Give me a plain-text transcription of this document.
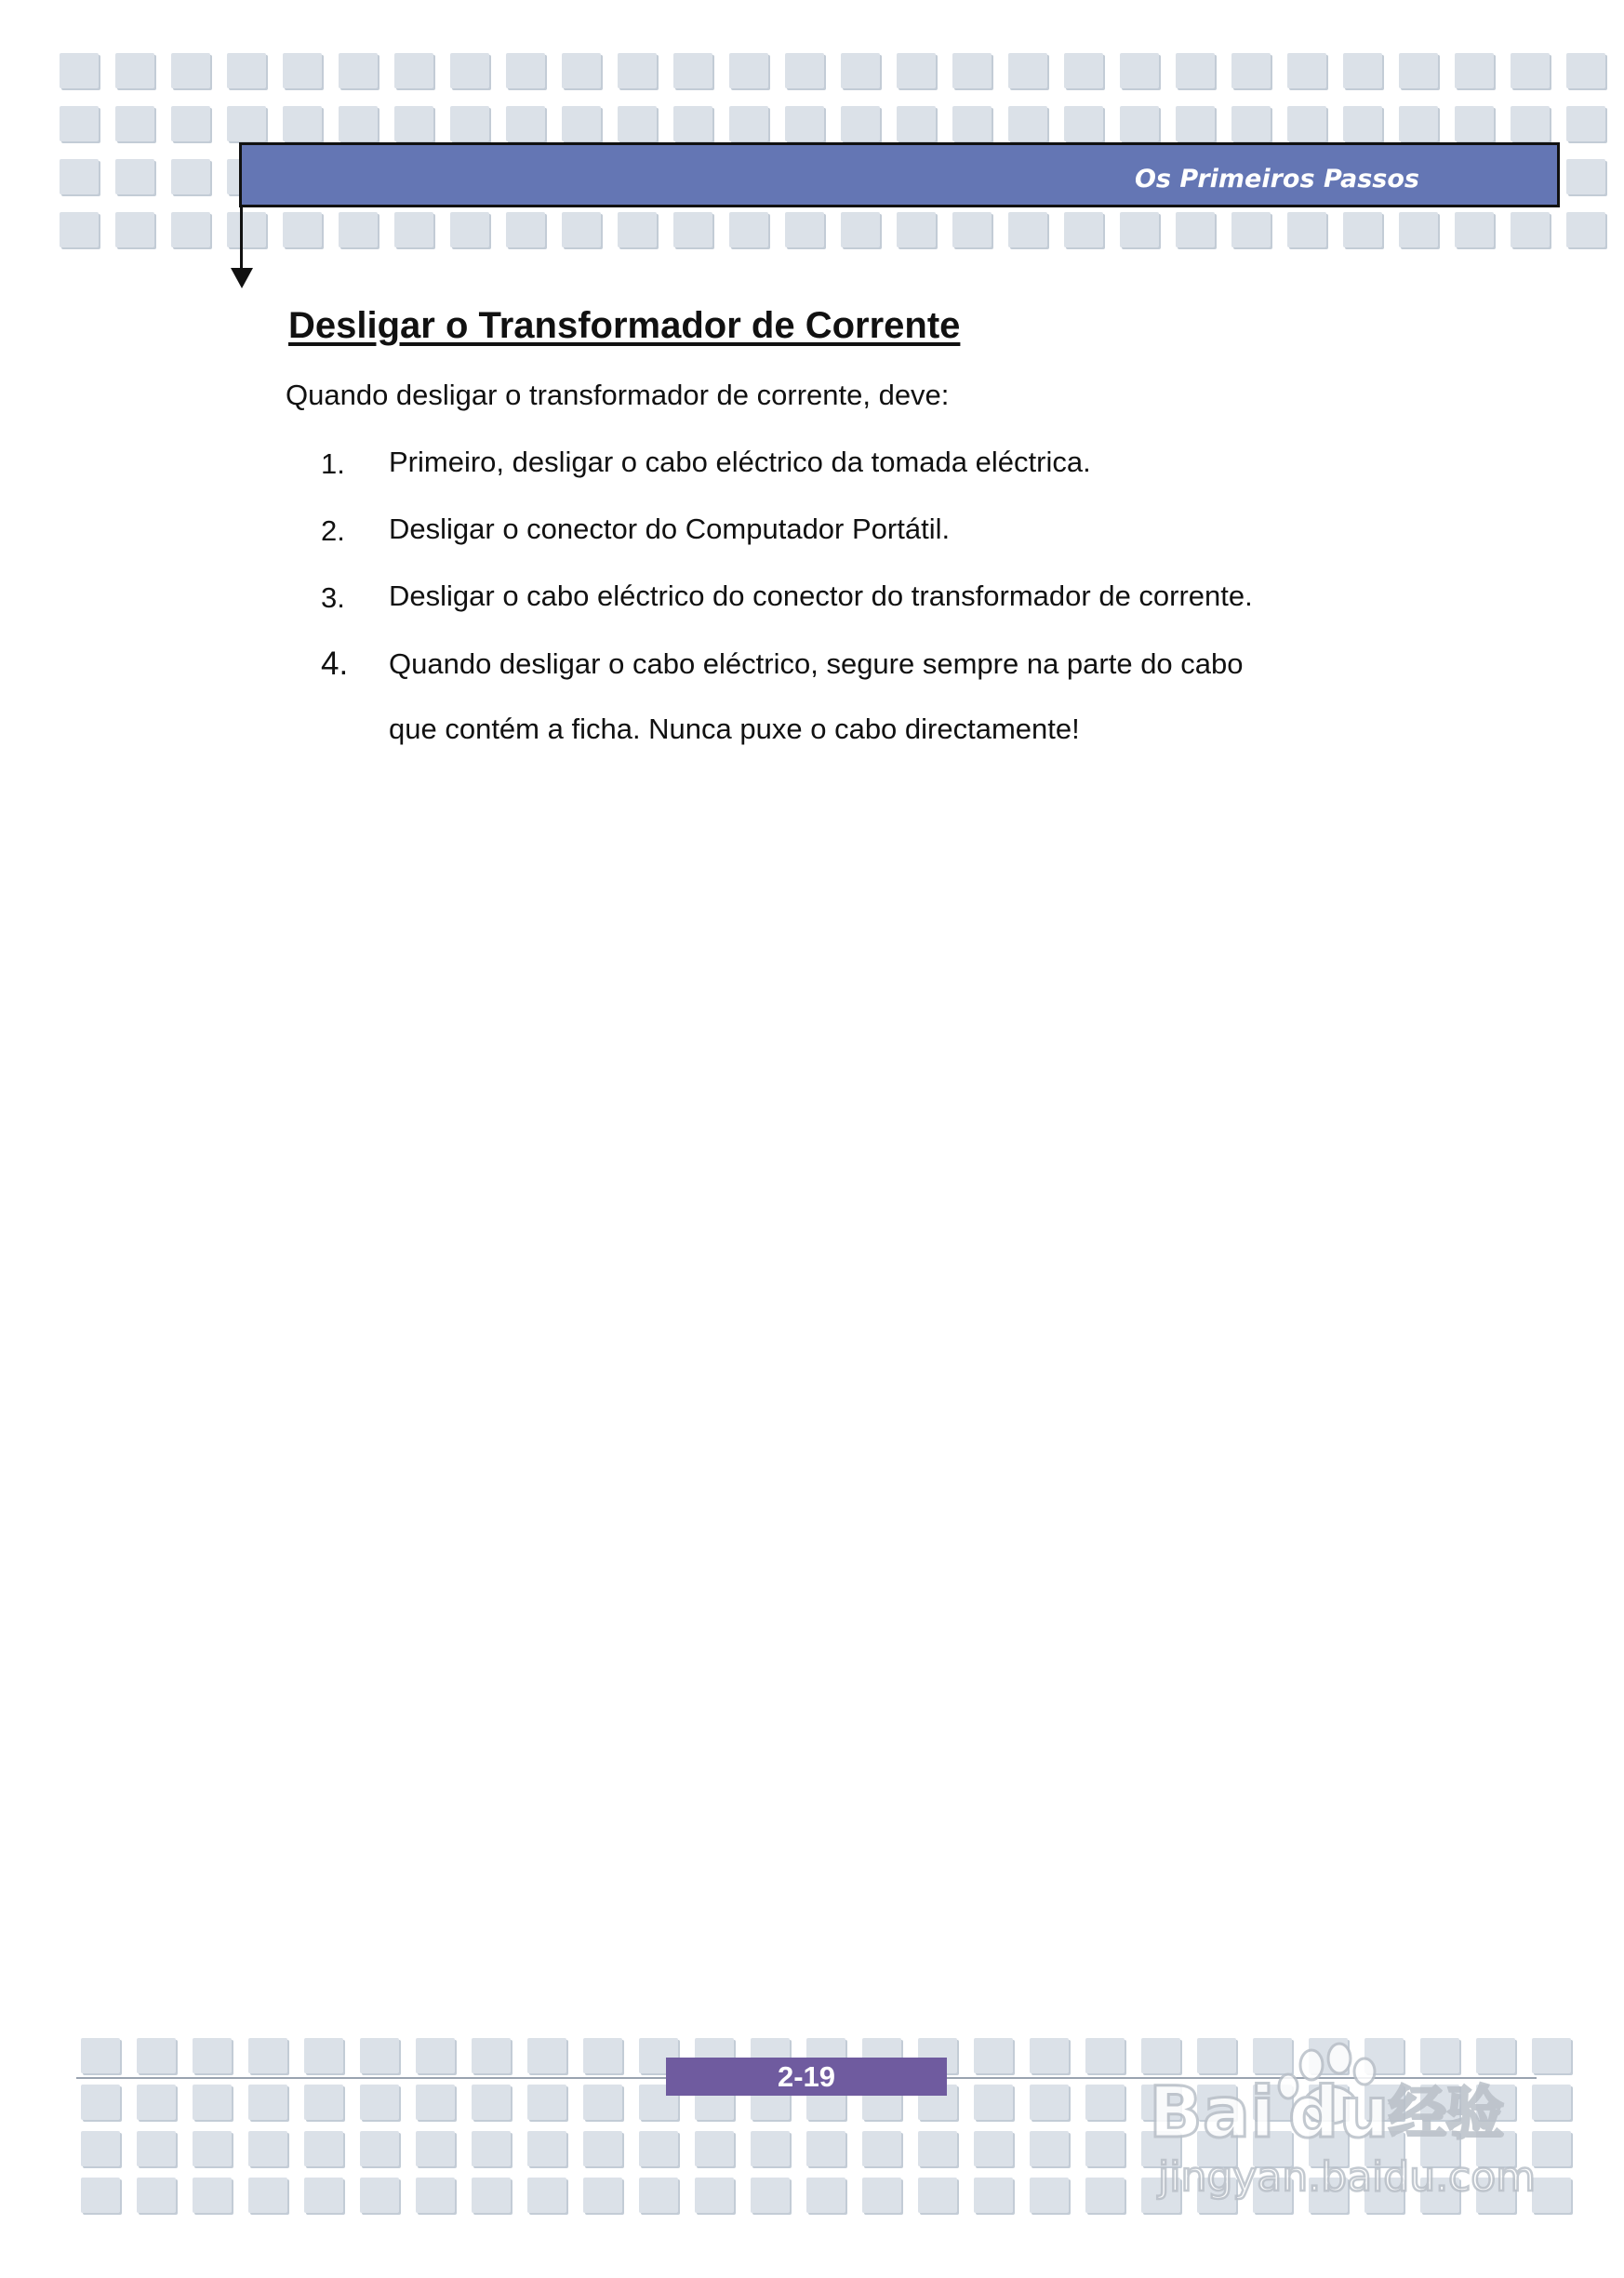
Os Primeiros Passos
Desligar o Transformador de Corrente

Quando desligar o transformador de corrente, deve:

1. Primeiro, desligar o cabo eléctrico da tomada eléctrica.
2. Desligar o conector do Computador Portátil.
3. Desligar o cabo eléctrico do conector do transformador de corrente.
4. Quando desligar o cabo eléctrico, segure sempre na parte do cabo
que contém a ficha. Nunca puxe o cabo directamente!
2-19	Bai du 经验
jingyan.baidu.com
